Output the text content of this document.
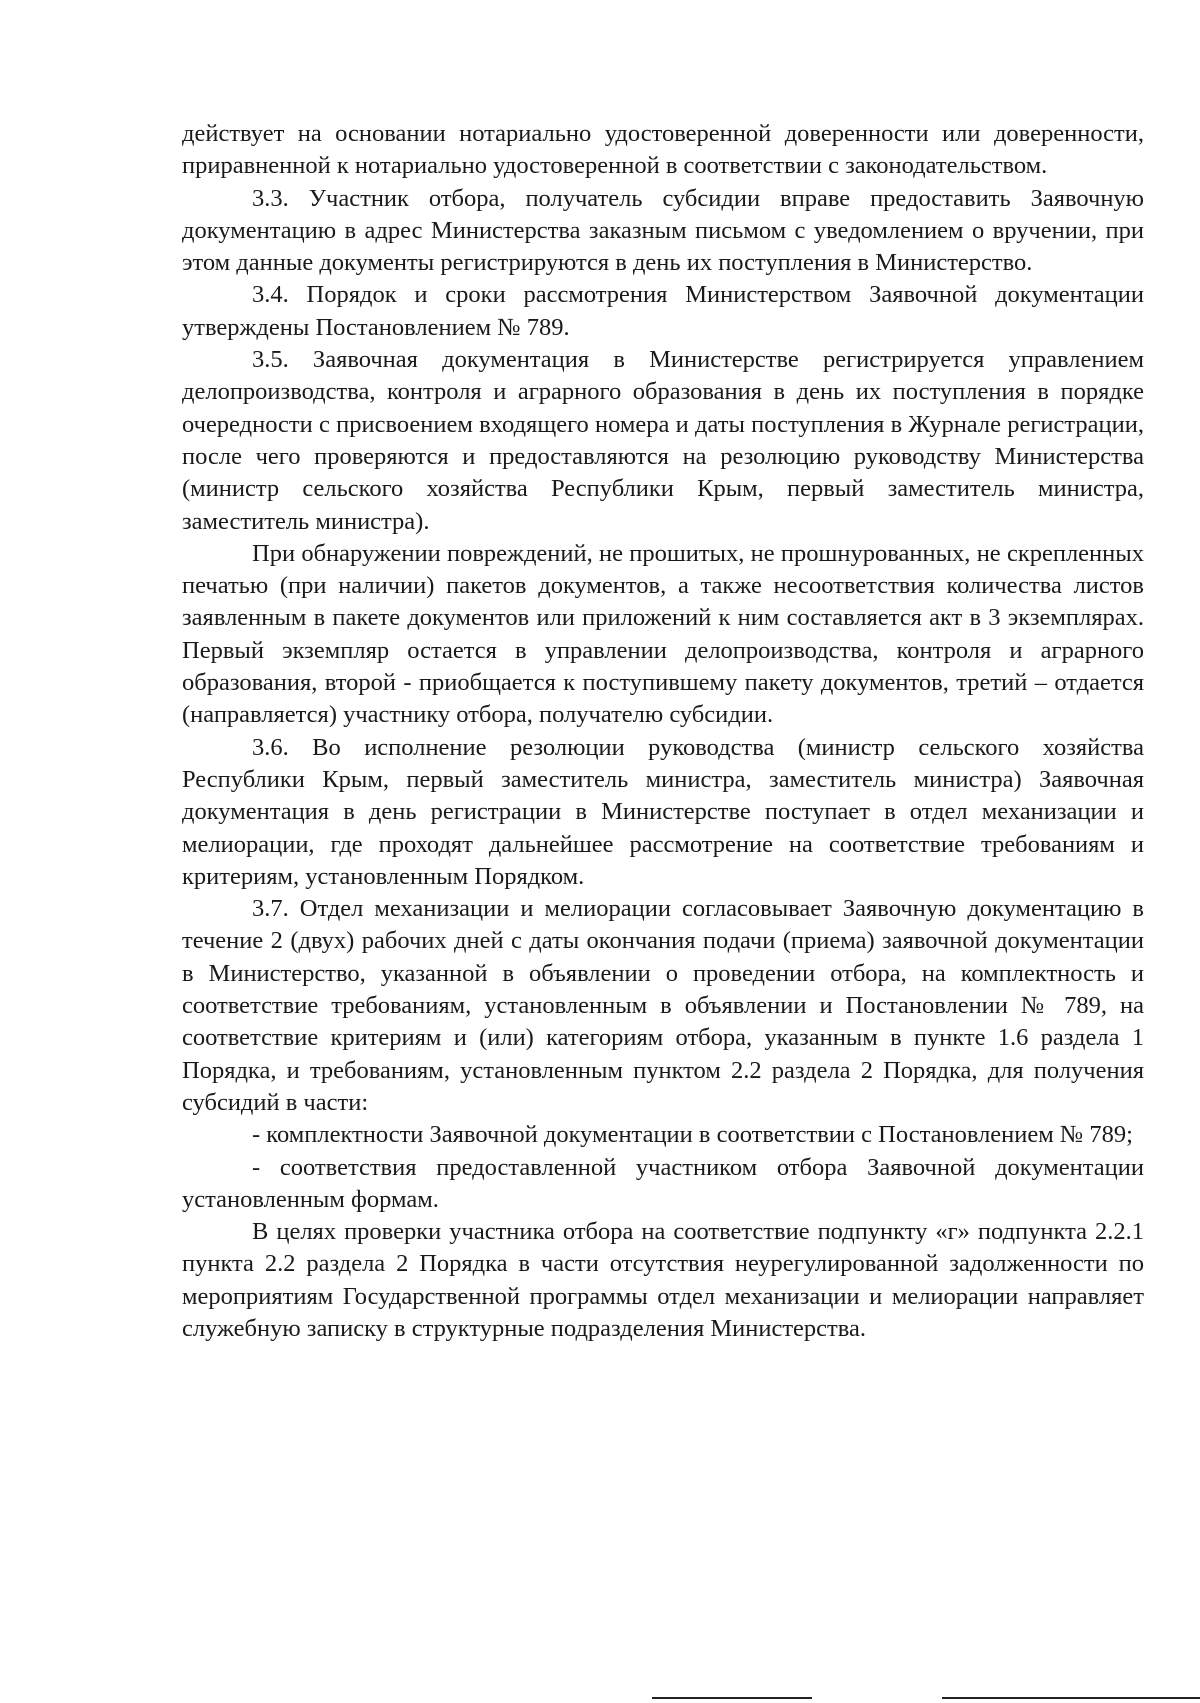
действует на основании нотариально удостоверенной доверенности или доверенности, приравненной к нотариально удостоверенной в соответствии с законодательством.

3.3. Участник отбора, получатель субсидии вправе предоставить Заявочную документацию в адрес Министерства заказным письмом с уведомлением о вручении, при этом данные документы регистрируются в день их поступления в Министерство.

3.4. Порядок и сроки рассмотрения Министерством Заявочной документации утверждены Постановлением № 789.

3.5. Заявочная документация в Министерстве регистрируется управлением делопроизводства, контроля и аграрного образования в день их поступления в порядке очередности с присвоением входящего номера и даты поступления в Журнале регистрации, после чего проверяются и предоставляются на резолюцию руководству Министерства (министр сельского хозяйства Республики Крым, первый заместитель министра, заместитель министра).

При обнаружении повреждений, не прошитых, не прошнурованных, не скрепленных печатью (при наличии) пакетов документов, а также несоответствия количества листов заявленным в пакете документов или приложений к ним составляется акт в 3 экземплярах. Первый экземпляр остается в управлении делопроизводства, контроля и аграрного образования, второй - приобщается к поступившему пакету документов, третий – отдается (направляется) участнику отбора, получателю субсидии.

3.6. Во исполнение резолюции руководства (министр сельского хозяйства Республики Крым, первый заместитель министра, заместитель министра) Заявочная документация в день регистрации в Министерстве поступает в отдел механизации и мелиорации, где проходят дальнейшее рассмотрение на соответствие требованиям и критериям, установленным Порядком.

3.7. Отдел механизации и мелиорации согласовывает Заявочную документацию в течение 2 (двух) рабочих дней с даты окончания подачи (приема) заявочной документации в Министерство, указанной в объявлении о проведении отбора, на комплектность и соответствие требованиям, установленным в объявлении и Постановлении № 789, на соответствие критериям и (или) категориям отбора, указанным в пункте 1.6 раздела 1 Порядка, и требованиям, установленным пунктом 2.2 раздела 2 Порядка, для получения субсидий в части:

- комплектности Заявочной документации в соответствии с Постановлением № 789;

- соответствия предоставленной участником отбора Заявочной документации установленным формам.

В целях проверки участника отбора на соответствие подпункту «г» подпункта 2.2.1 пункта 2.2 раздела 2 Порядка в части отсутствия неурегулированной задолженности по мероприятиям Государственной программы отдел механизации и мелиорации направляет служебную записку в структурные подразделения Министерства.
